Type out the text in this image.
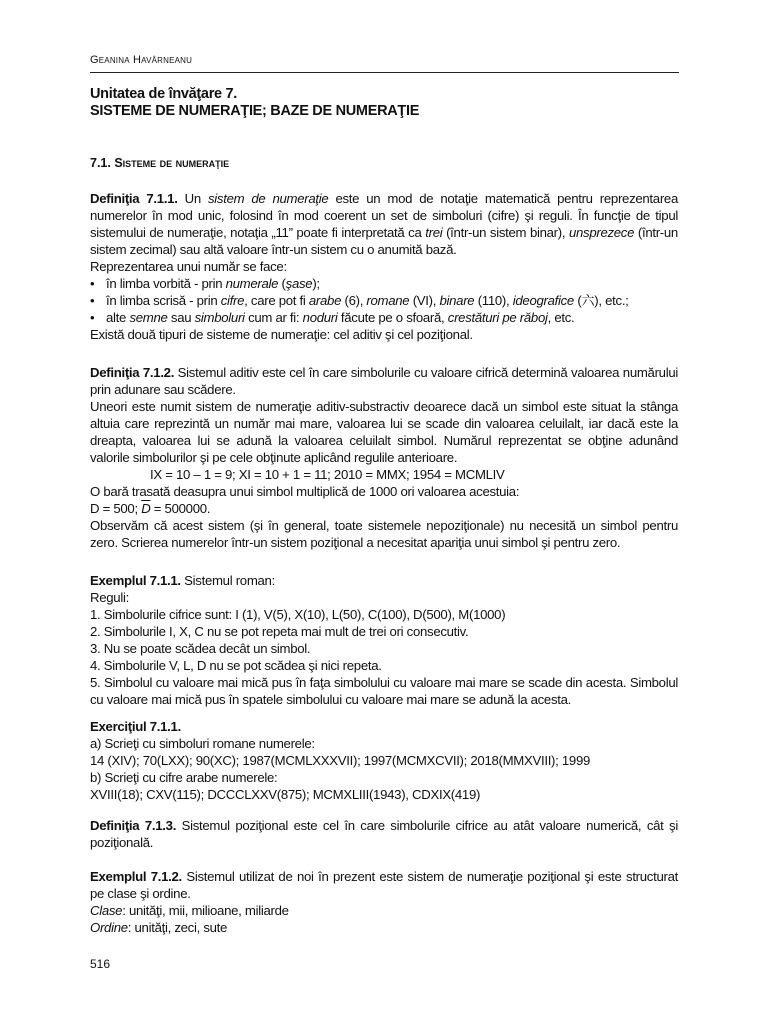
Geanina Havârneanu
Unitatea de învăţare 7.
SISTEME DE NUMERAŢIE; BAZE DE NUMERAŢIE
7.1. Sisteme de numeraţie

Definiţia 7.1.1. Un sistem de numeraţie este un mod de notaţie matematică pentru reprezentarea numerelor în mod unic, folosind în mod coerent un set de simboluri (cifre) şi reguli. În funcţie de tipul sistemului de numeraţie, notaţia „11” poate fi interpretată ca trei (într-un sistem binar), unsprezece (într-un sistem zecimal) sau altă valoare într-un sistem cu o anumită bază.

Reprezentarea unui număr se face:

• în limba vorbită - prin numerale (şase);
• în limba scrisă - prin cifre, care pot fi arabe (6), romane (VI), binare (110), ideografice (六), etc.;
• alte semne sau simboluri cum ar fi: noduri făcute pe o sfoară, crestături pe răboj, etc.

Există două tipuri de sisteme de numeraţie: cel aditiv şi cel poziţional.

Definiţia 7.1.2. Sistemul aditiv este cel în care simbolurile cu valoare cifrică determină valoarea numărului prin adunare sau scădere.

Uneori este numit sistem de numeraţie aditiv-substractiv deoarece dacă un simbol este situat la stânga altuia care reprezintă un număr mai mare, valoarea lui se scade din valoarea celuilalt, iar dacă este la dreapta, valoarea lui se adună la valoarea celuilalt simbol. Numărul reprezentat se obţine adunând valorile simbolurilor şi pe cele obţinute aplicând regulile anterioare.

IX = 10 – 1 = 9; XI = 10 + 1 = 11; 2010 = MMX; 1954 = MCMLIV

O bară trasată deasupra unui simbol multiplică de 1000 ori valoarea acestuia:

D = 500; $\overline{D} = 500000$.

Observăm că acest sistem (şi în general, toate sistemele nepoziţionale) nu necesită un simbol pentru zero. Scrierea numerelor într-un sistem poziţional a necesitat apariţia unui simbol şi pentru zero.

Exemplul 7.1.1. Sistemul roman:

Reguli:

1. Simbolurile cifrice sunt: I (1), V(5), X(10), L(50), C(100), D(500), M(1000)

2. Simbolurile I, X, C nu se pot repeta mai mult de trei ori consecutiv.

3. Nu se poate scădea decât un simbol.

4. Simbolurile V, L, D nu se pot scădea şi nici repeta.

5. Simbolul cu valoare mai mică pus în faţa simbolului cu valoare mai mare se scade din acesta. Simbolul cu valoare mai mică pus în spatele simbolului cu valoare mai mare se adună la acesta.

Exerciţiul 7.1.1.

a) Scrieţi cu simboluri romane numerele:

14 (XIV); 70(LXX); 90(XC); 1987(MCMLXXXVII); 1997(MCMXCVII); 2018(MMXVIII); 1999

b) Scrieţi cu cifre arabe numerele:

XVIII(18); CXV(115); DCCCLXXV(875); MCMXLIII(1943), CDXIX(419)

Definiţia 7.1.3. Sistemul poziţional este cel în care simbolurile cifrice au atât valoare numerică, cât şi poziţională.

Exemplul 7.1.2. Sistemul utilizat de noi în prezent este sistem de numeraţie poziţional şi este structurat pe clase şi ordine.

Clase: unităţi, mii, milioane, miliarde

Ordine: unităţi, zeci, sute

516
